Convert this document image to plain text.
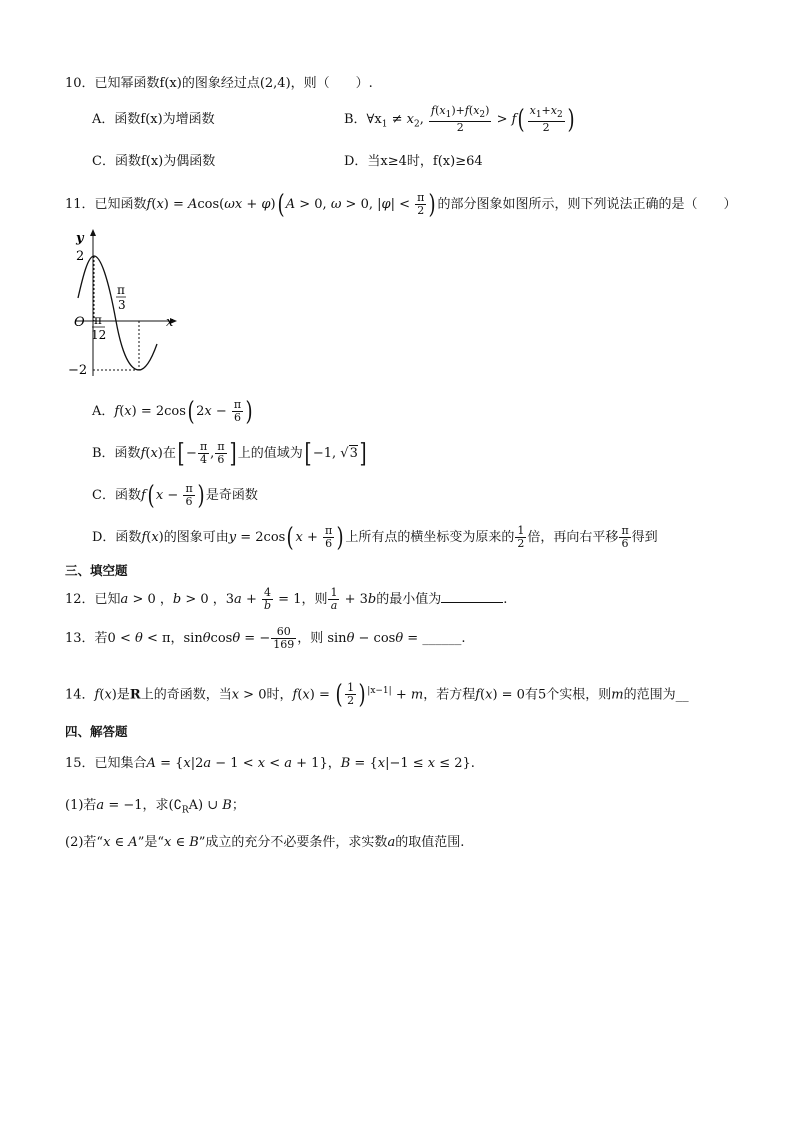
10．已知幂函数f(x)的图象经过点(2,4)，则（　　）.
A．函数f(x)为增函数	B．$\forall x_1 \ne x_2$, $\frac{f(x_1)+f(x_2)}{2} > f( \frac{x_1+x_2}{2}$ )
C．函数f(x)为偶函数	D．当x≥4时，f(x)≥64
11．已知函数f(x) = Acos(ωx + φ)( A > 0, ω > 0, $|\varphi| < \frac{\pi}{2}$ ) 的部分图象如图所示，则下列说法正确的是（　　）
y
x
O
2
−2
π
12
π
3
A．f(x) = 2cos( $2x - \frac{\pi}{6}$ )
B．函数f(x)在[ − $\frac{\pi}{4}$ , $\frac{\pi}{6}$ ] 上的值域为[ −1, √3]
C．函数f( $x - \frac{\pi}{6}$ ) 是奇函数
D．函数f(x)的图象可由y = 2cos( $x + \frac{\pi}{6}$ ) 上所有点的横坐标变为原来的 $\frac{1}{2}$ 倍，再向右平移 $\frac{\pi}{6}$ 得到
三、填空题
12．已知a > 0 ，b > 0 ，$3a + \frac{4}{b} = 1$，则 $\frac{1}{a} + 3b$的最小值为	.
13．若0 < θ < π，sinθcosθ = − $\frac{60}{169}$ ，则 sinθ − cosθ = ______.
14．f(x)是R上的奇函数，当x > 0时，f(x) = ( $\frac{1}{2}$ ) $^{|x-1|}$ + m，若方程f(x) = 0有5个实根，则m的范围为__
四、解答题
15．已知集合A = {x|2a − 1 < x < a + 1}，B = {x|−1 ≤ x ≤ 2}.
(1)若a = −1，求$(∁_RA)$ ∪ B；
(2)若“x ∈ A”是“x ∈ B”成立的充分不必要条件，求实数a的取值范围.
